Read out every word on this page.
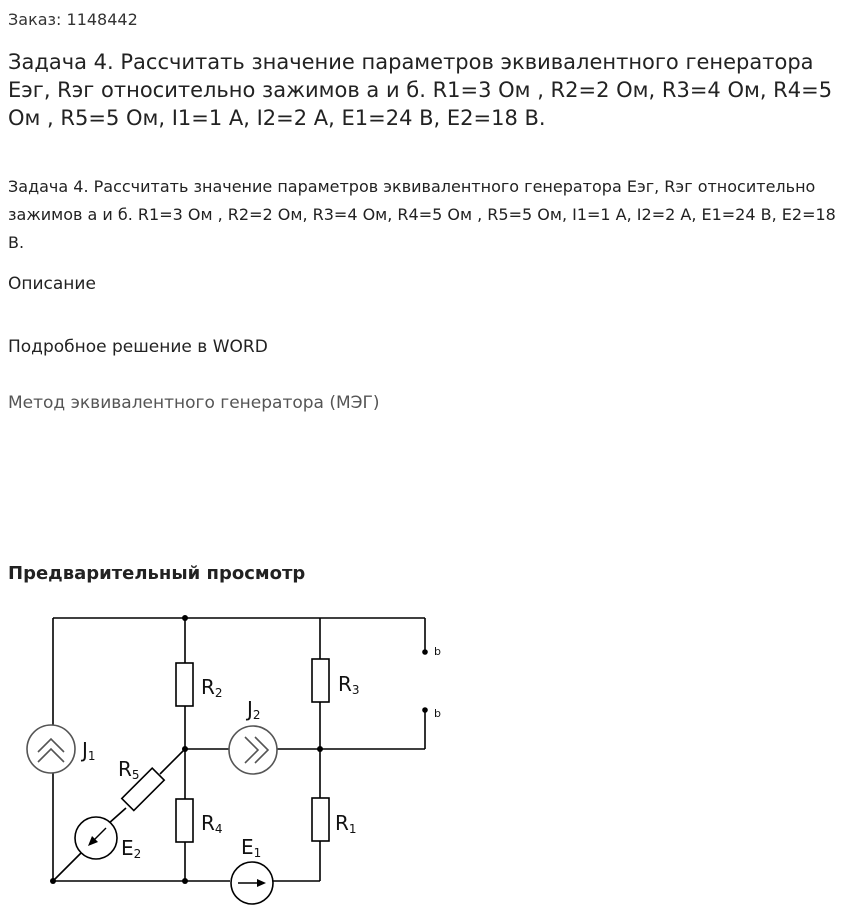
Заказ: 1148442
Задача 4. Рассчитать значение параметров эквивалентного генератора Еэг, Rэг относительно зажимов а и б. R1=3 Ом , R2=2 Ом, R3=4 Ом, R4=5 Ом , R5=5 Ом, I1=1 А, I2=2 А, E1=24 В, E2=18 В.
Задача 4. Рассчитать значение параметров эквивалентного генератора Еэг, Rэг относительно зажимов а и б. R1=3 Ом , R2=2 Ом, R3=4 Ом, R4=5 Ом , R5=5 Ом, I1=1 А, I2=2 А, E1=24 В, E2=18 В.
Описание
Подробное решение в WORD
Метод эквивалентного генератора (МЭГ)
Предварительный просмотр
b
b
R2	R3
J2
J1
R5
R4	R1
E1
E2
